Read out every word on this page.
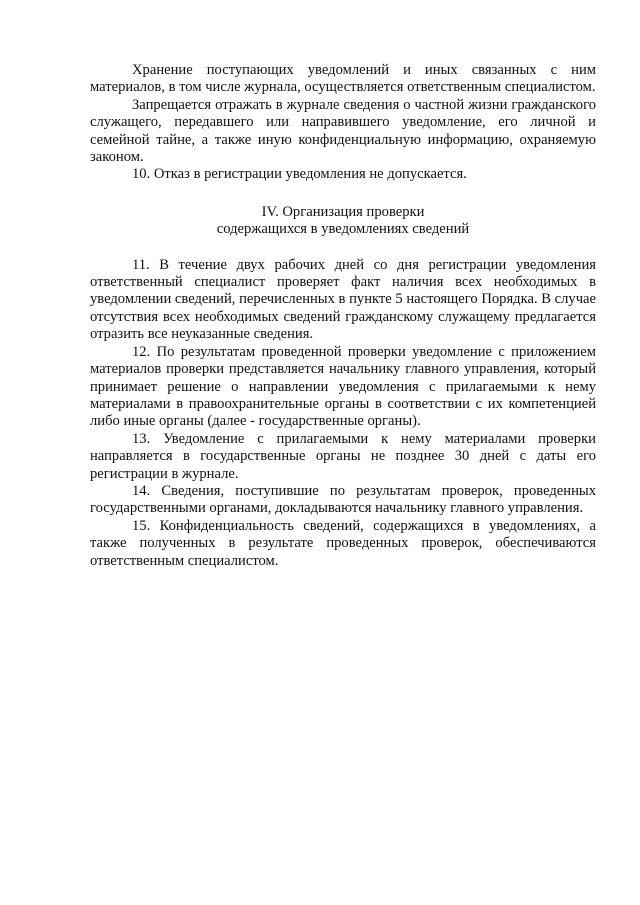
Хранение поступающих уведомлений и иных связанных с ним материалов, в том числе журнала, осуществляется ответственным специалистом.

Запрещается отражать в журнале сведения о частной жизни гражданского служащего, передавшего или направившего уведомление, его личной и семейной тайне, а также иную конфиденциальную информацию, охраняемую законом.

10. Отказ в регистрации уведомления не допускается.

IV. Организация проверки
содержащихся в уведомлениях сведений

11. В течение двух рабочих дней со дня регистрации уведомления ответственный специалист проверяет факт наличия всех необходимых в уведомлении сведений, перечисленных в пункте 5 настоящего Порядка. В случае отсутствия всех необходимых сведений гражданскому служащему предлагается отразить все неуказанные сведения.

12. По результатам проведенной проверки уведомление с приложением материалов проверки представляется начальнику главного управления, который принимает решение о направлении уведомления с прилагаемыми к нему материалами в правоохранительные органы в соответствии с их компетенцией либо иные органы (далее - государственные органы).

13. Уведомление с прилагаемыми к нему материалами проверки направляется в государственные органы не позднее 30 дней с даты его регистрации в журнале.

14. Сведения, поступившие по результатам проверок, проведенных государственными органами, докладываются начальнику главного управления.

15. Конфиденциальность сведений, содержащихся в уведомлениях, а также полученных в результате проведенных проверок, обеспечиваются ответственным специалистом.
